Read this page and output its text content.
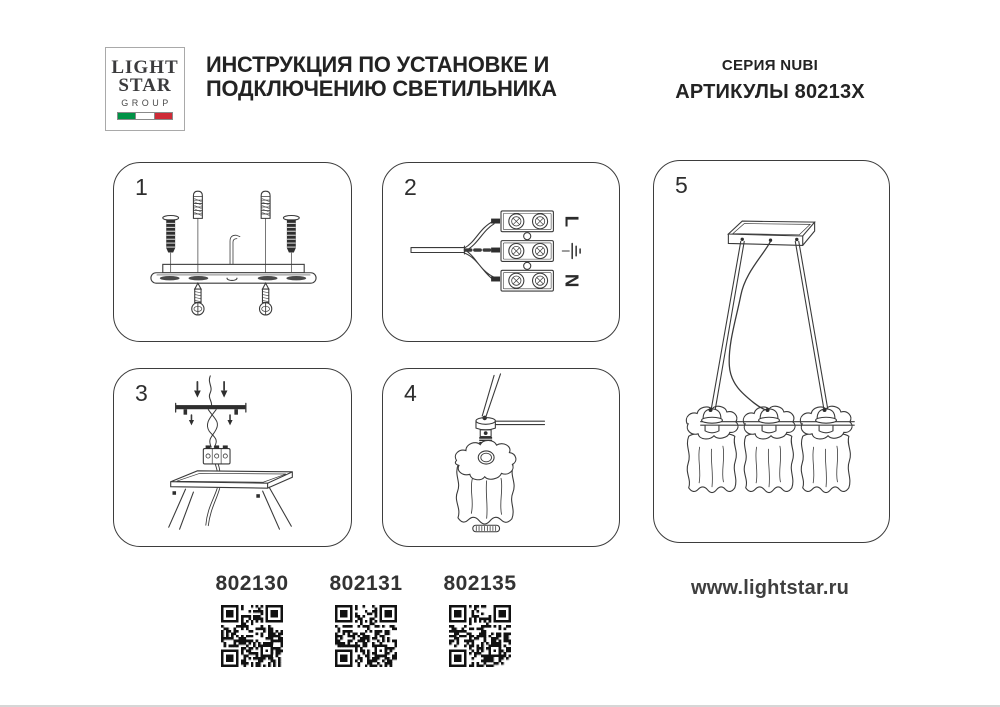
LIGHT
STAR
GROUP
ИНСТРУКЦИЯ ПО УСТАНОВКЕ И
ПОДКЛЮЧЕНИЮ СВЕТИЛЬНИКА
СЕРИЯ NUBI
АРТИКУЛЫ 80213X
1
L
N
2
3	4
5
802130	802131	802135	www.lightstar.ru
